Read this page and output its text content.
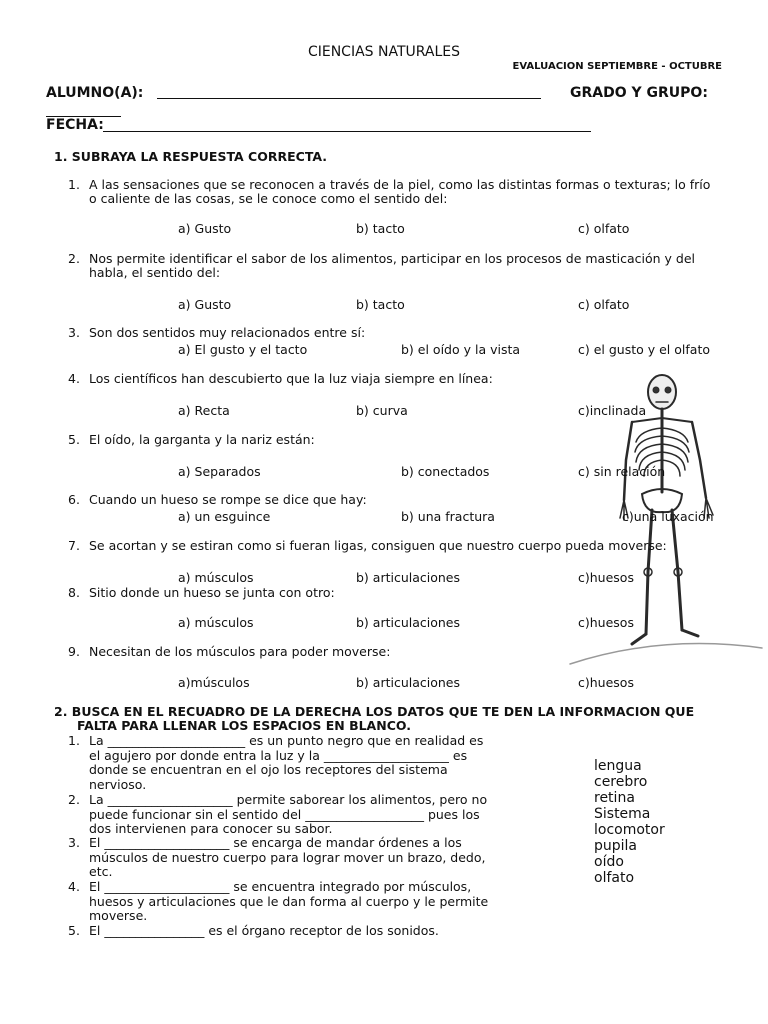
CIENCIAS NATURALES
EVALUACION SEPTIEMBRE - OCTUBRE
ALUMNO(A):	GRADO Y GRUPO:
FECHA:
1. SUBRAYA LA RESPUESTA CORRECTA.
1. A las sensaciones que se reconocen a través de la piel, como las distintas formas o texturas; lo frío
o caliente de las cosas, se le conoce como el sentido del:
a) Gusto	b) tacto	c) olfato
2. Nos permite identificar el sabor de los alimentos, participar en los procesos de masticación y del
habla, el sentido del:
a) Gusto	b) tacto	c) olfato
3. Son dos sentidos muy relacionados entre sí:
a) El gusto y el tacto	b) el oído y la vista	c) el gusto y el olfato
4. Los científicos han descubierto que la luz viaja siempre en línea:
a) Recta	b) curva	c)inclinada
5. El oído, la garganta y la nariz están:
a) Separados	b) conectados	c) sin relación
6. Cuando un hueso se rompe se dice que hay:
a) un esguince	b) una fractura	c)una luxación
7. Se acortan y se estiran como si fueran ligas, consiguen que nuestro cuerpo pueda moverse:
a) músculos	b) articulaciones	c)huesos
8. Sitio donde un hueso se junta con otro:
a) músculos	b) articulaciones	c)huesos
9. Necesitan de los músculos para poder moverse:
a)músculos	b) articulaciones	c)huesos
2. BUSCA EN EL RECUADRO DE LA DERECHA LOS DATOS QUE TE DEN LA INFORMACION QUE
FALTA PARA LLENAR LOS ESPACIOS EN BLANCO.
1. La ______________________ es un punto negro que en realidad es
el agujero por donde entra la luz y la ____________________ es
donde se encuentran en el ojo los receptores del sistema
nervioso.
2. La ____________________ permite saborear los alimentos, pero no
puede funcionar sin el sentido del ___________________ pues los
dos intervienen para conocer su sabor.
3. El ____________________ se encarga de mandar órdenes a los
músculos de nuestro cuerpo para lograr mover un brazo, dedo,
etc.
4. El ____________________ se encuentra integrado por músculos,
huesos y articulaciones que le dan forma al cuerpo y le permite
moverse.
5. El ________________ es el órgano receptor de los sonidos.
lengua
cerebro
retina
Sistema
locomotor
pupila
oído
olfato
